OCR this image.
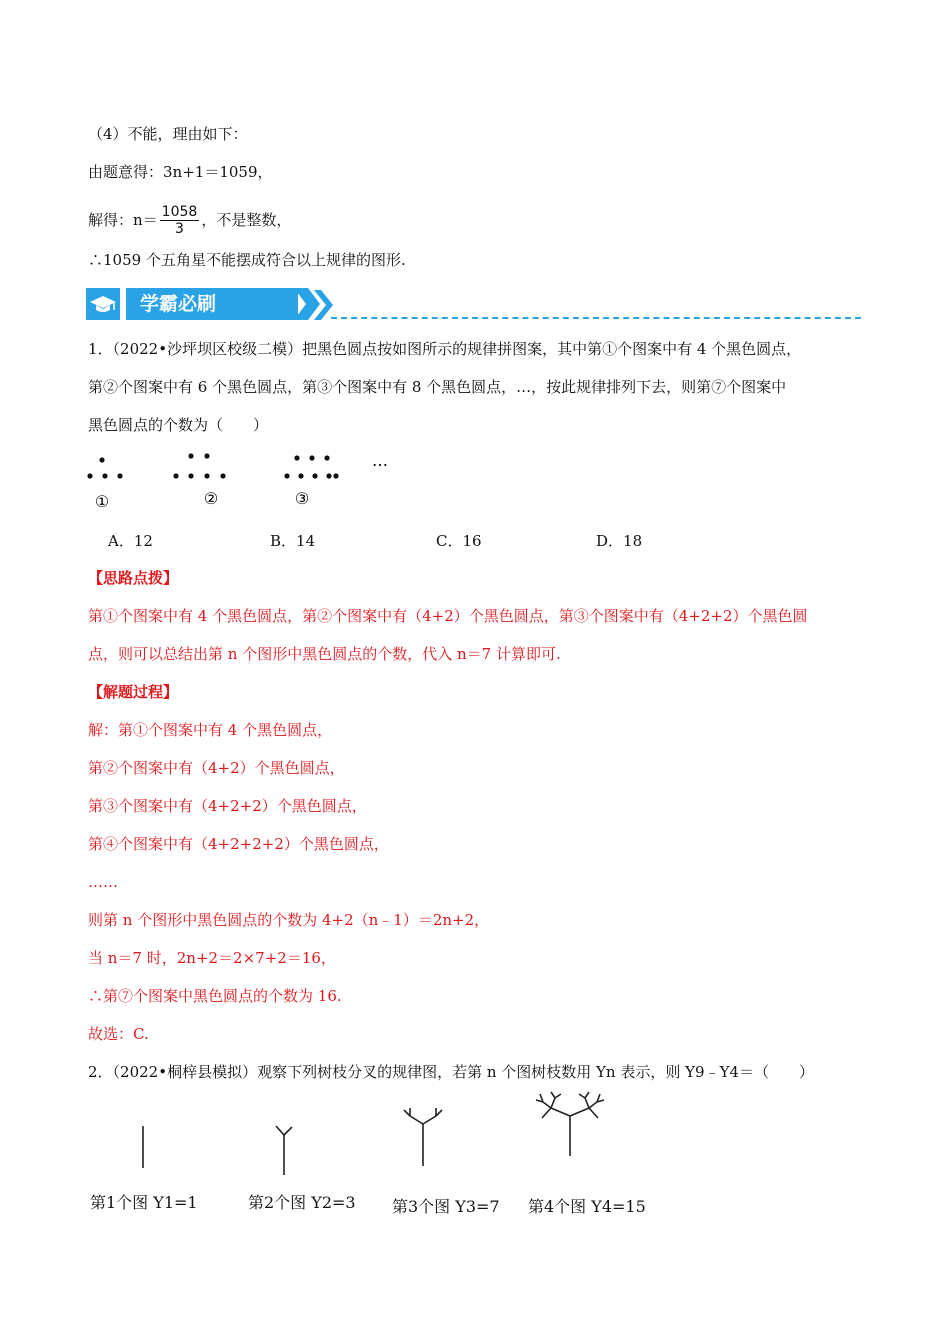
（4）不能，理由如下：
由题意得：3n+1＝1059，
解得：$n= \frac{1058}{3}$ ，不是整数，
∴1059 个五角星不能摆成符合以上规律的图形.
学霸必刷
1．（2022•沙坪坝区校级二模）把黑色圆点按如图所示的规律拼图案，其中第①个图案中有 4 个黑色圆点，
第②个图案中有 6 个黑色圆点，第③个图案中有 8 个黑色圆点，…，按此规律排列下去，则第⑦个图案中
黑色圆点的个数为（　　）
…
①	②	③
A．12	B．14	C．16	D．18
【思路点拨】
第①个图案中有 4 个黑色圆点，第②个图案中有（4+2）个黑色圆点，第③个图案中有（4+2+2）个黑色圆
点，则可以总结出第 n 个图形中黑色圆点的个数，代入 n＝7 计算即可.
【解题过程】
解：第①个图案中有 4 个黑色圆点，
第②个图案中有（4+2）个黑色圆点，
第③个图案中有（4+2+2）个黑色圆点，
第④个图案中有（4+2+2+2）个黑色圆点，
……
则第 n 个图形中黑色圆点的个数为 4+2（n﹣1）＝2n+2，
当 n＝7 时，2n+2＝2×7+2＝16，
∴第⑦个图案中黑色圆点的个数为 16.
故选：C.
2．（2022•桐梓县模拟）观察下列树枝分叉的规律图，若第 n 个图树枝数用 Yn 表示，则 Y9﹣Y4＝（　　）
第1个图 Y1=1	第2个图 Y2=3 第3个图 Y3=7 第4个图 Y4=15
